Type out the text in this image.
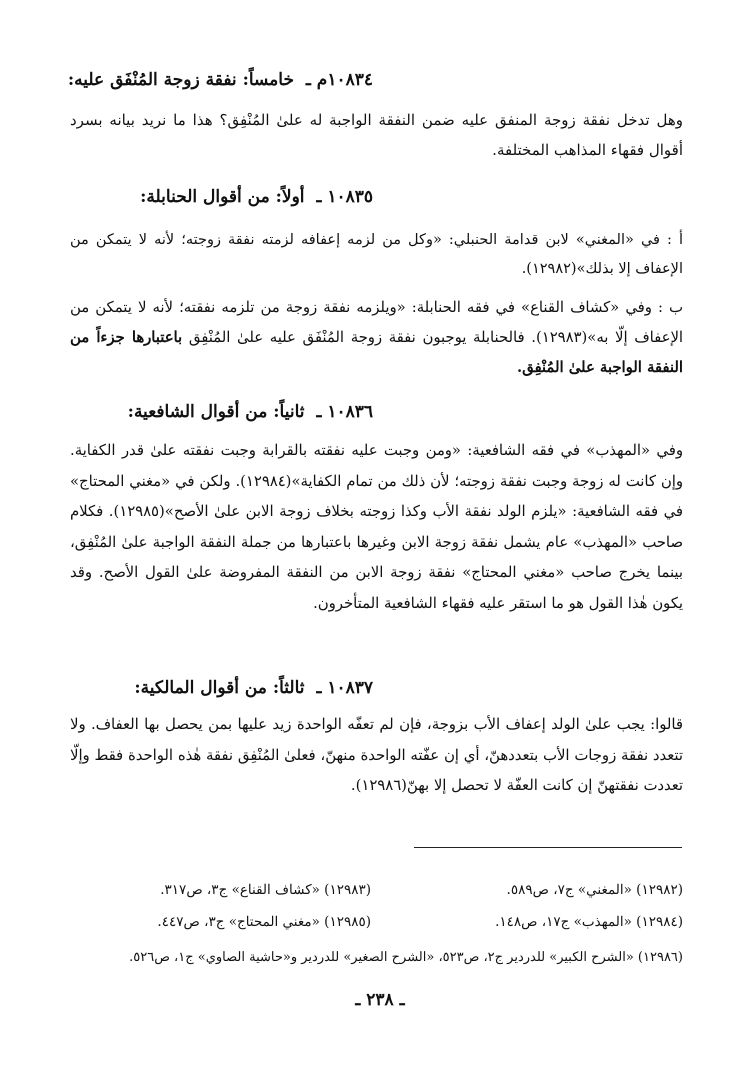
١٠٨٣٤م ـ خامساً: نفقة زوجة المُنْفَق عليه:
وهل تدخل نفقة زوجة المنفق عليه ضمن النفقة الواجبة له علىٰ المُنْفِق؟ هذا ما نريد بيانه بسرد أقوال فقهاء المذاهب المختلفة.
١٠٨٣٥ ـ أولاً: من أقوال الحنابلة:
أ : في «المغني» لابن قدامة الحنبلي: «وكل من لزمه إعفافه لزمته نفقة زوجته؛ لأنه لا يتمكن من الإعفاف إلا بذلك»(١٢٩٨٢).
ب : وفي «كشاف القناع» في فقه الحنابلة: «ويلزمه نفقة زوجة من تلزمه نفقته؛ لأنه لا يتمكن من الإعفاف إلّا به»(١٢٩٨٣). فالحنابلة يوجبون نفقة زوجة المُنْفَق عليه علىٰ المُنْفِق باعتبارها جزءاً من النفقة الواجبة علىٰ المُنْفِق.
١٠٨٣٦ ـ ثانياً: من أقوال الشافعية:
وفي «المهذب» في فقه الشافعية: «ومن وجبت عليه نفقته بالقرابة وجبت نفقته علىٰ قدر الكفاية. وإن كانت له زوجة وجبت نفقة زوجته؛ لأن ذلك من تمام الكفاية»(١٢٩٨٤). ولكن في «مغني المحتاج» في فقه الشافعية: «يلزم الولد نفقة الأب وكذا زوجته بخلاف زوجة الابن علىٰ الأصح»(١٢٩٨٥). فكلام صاحب «المهذب» عام يشمل نفقة زوجة الابن وغيرها باعتبارها من جملة النفقة الواجبة علىٰ المُنْفِق، بينما يخرج صاحب «مغني المحتاج» نفقة زوجة الابن من النفقة المفروضة علىٰ القول الأصح. وقد يكون هٰذا القول هو ما استقر عليه فقهاء الشافعية المتأخرون.
١٠٨٣٧ ـ ثالثاً: من أقوال المالكية:
قالوا: يجب علىٰ الولد إعفاف الأب بزوجة، فإن لم تعفّه الواحدة زيد عليها بمن يحصل بها العفاف. ولا تتعدد نفقة زوجات الأب بتعددهنّ، أي إن عفّته الواحدة منهنّ، فعلىٰ المُنْفِق نفقة هٰذه الواحدة فقط وإلّا تعددت نفقتهنّ إن كانت العفّة لا تحصل إلا بهنّ(١٢٩٨٦).
(١٢٩٨٢) «المغني» ج٧، ص٥٨٩.
(١٢٩٨٣) «كشاف القناع» ج٣، ص٣١٧.
(١٢٩٨٤) «المهذب» ج١٧، ص١٤٨.
(١٢٩٨٥) «مغني المحتاج» ج٣، ص٤٤٧.
(١٢٩٨٦) «الشرح الكبير» للدردير ج٢، ص٥٢٣، «الشرح الصغير» للدردير و«حاشية الصاوي» ج١، ص٥٢٦.
ـ ٢٣٨ ـ
